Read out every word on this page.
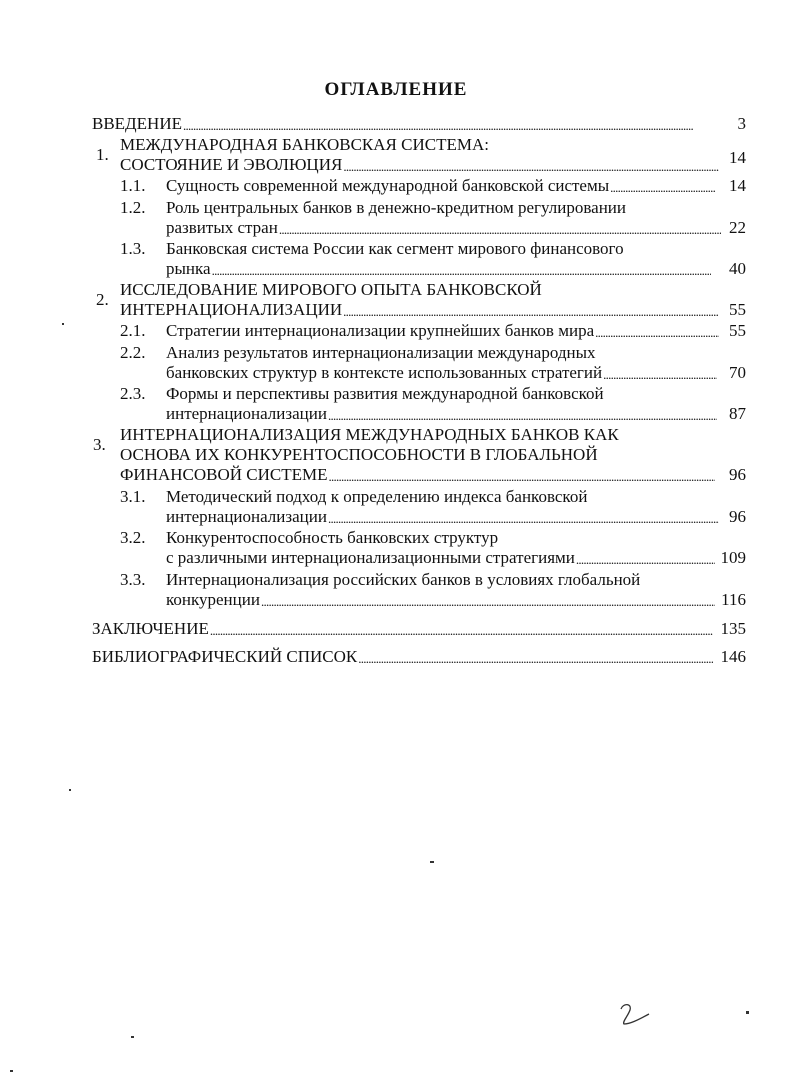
ОГЛАВЛЕНИЕ
ВВЕДЕНИЕ . . .	3
1.
МЕЖДУНАРОДНАЯ БАНКОВСКАЯ СИСТЕМА:
СОСТОЯНИЕ И ЭВОЛЮЦИЯ . . .	14
1.1. Сущность современной международной банковской системы . . .	14
1.2. Роль центральных банков в денежно-кредитном регулировании
развитых стран . . .	22
1.3. Банковская система России как сегмент мирового финансового
рынка . . .	40
2.
ИССЛЕДОВАНИЕ МИРОВОГО ОПЫТА БАНКОВСКОЙ
ИНТЕРНАЦИОНАЛИЗАЦИИ . . .	55
2.1. Стратегии интернационализации крупнейших банков мира . . .	55
2.2. Анализ результатов интернационализации международных
банковских структур в контексте использованных стратегий . . .	70
2.3. Формы и перспективы развития международной банковской
интернационализации . . .	87
3.
ИНТЕРНАЦИОНАЛИЗАЦИЯ МЕЖДУНАРОДНЫХ БАНКОВ КАК
ОСНОВА ИХ КОНКУРЕНТОСПОСОБНОСТИ В ГЛОБАЛЬНОЙ
ФИНАНСОВОЙ СИСТЕМЕ . . .	96
3.1. Методический подход к определению индекса банковской
интернационализации . . .	96
3.2. Конкурентоспособность банковских структур
с различными интернационализационными стратегиями . . .	109
3.3. Интернационализация российских банков в условиях глобальной
конкуренции . . .	116
ЗАКЛЮЧЕНИЕ . . .	135
БИБЛИОГРАФИЧЕСКИЙ СПИСОК . . .	146
